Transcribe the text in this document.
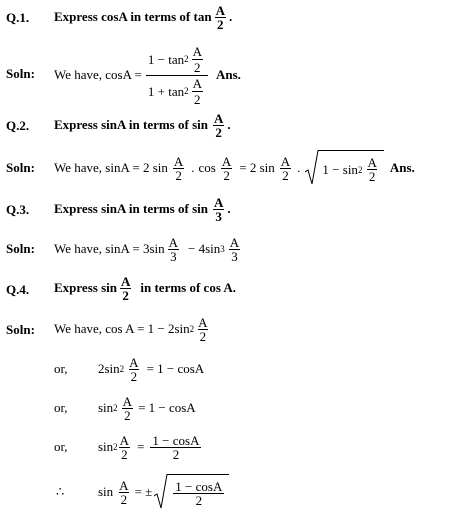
Q.1. Express cosA in terms of $\tan \frac{A}{2}$ .
Soln: We have, $\cos A = \frac{1 - \tan 2 \frac{A}{2}}{1 + \tan 2 \frac{A}{2}}$ Ans.
Q.2. Express sinA in terms of $\sin \frac{A}{2}$ .
Soln: We have, sinA = 2 $\sin \frac{A}{2}$ . $\cos \frac{A}{2} = 2$ $\sin \frac{A}{2}$ . $1 - \sin 2 \frac{A}{2}$ Ans.
Q.3. Express sinA in terms of $\sin \frac{A}{3}$ .
Soln: We have, $\sin A = 3\sin \frac{A}{3} - 4\sin$ $3 \frac{A}{3}$
Q.4. Express $\sin \frac{A}{2}$ in terms of cos A.
Soln: We have, cos A = 1 − 2sin $2 \frac{A}{2}$
or, 2sin $2 \frac{A}{2} = 1 - \cos A$
or, $\sin 2 \frac{A}{2} = 1 - \cos A$
or, $\sin 2 \frac{A}{2} = \frac{1 - \cos A}{2}$
∴	$\sin \frac{A}{2}$ = ± $\frac{1 - \cos A}{2}$
